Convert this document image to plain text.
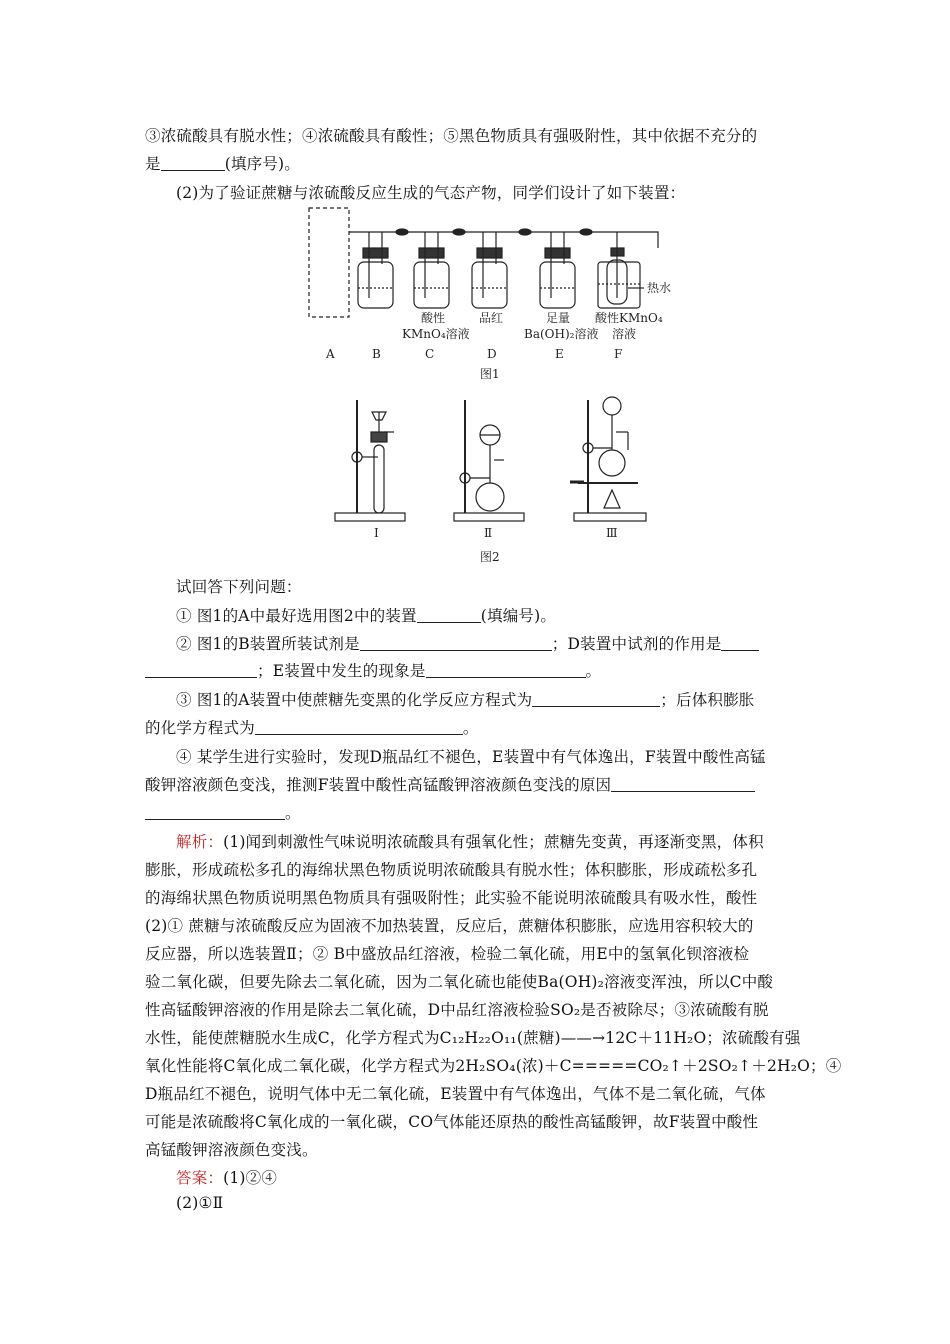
③浓硫酸具有脱水性；④浓硫酸具有酸性；⑤黑色物质具有强吸附性，其中依据不充分的
是	(填序号)。
(2)为了验证蔗糖与浓硫酸反应生成的气态产物，同学们设计了如下装置：
热水
酸性
KMnO₄溶液
品红	足量
Ba(OH)₂溶液
酸性KMnO₄
溶液
A	B	C	D	E	F
图1
Ⅰ	Ⅱ	Ⅲ
图2
试回答下列问题：
① 图1的A中最好选用图2中的装置	(填编号)。
② 图1的B装置所装试剂是	；D装置中试剂的作用是
；E装置中发生的现象是	。
③ 图1的A装置中使蔗糖先变黑的化学反应方程式为	；后体积膨胀
的化学方程式为	。
④ 某学生进行实验时，发现D瓶品红不褪色，E装置中有气体逸出，F装置中酸性高锰
酸钾溶液颜色变浅，推测F装置中酸性高锰酸钾溶液颜色变浅的原因
。
解析：(1)闻到刺激性气味说明浓硫酸具有强氧化性；蔗糖先变黄，再逐渐变黑，体积
膨胀，形成疏松多孔的海绵状黑色物质说明浓硫酸具有脱水性；体积膨胀，形成疏松多孔
的海绵状黑色物质说明黑色物质具有强吸附性；此实验不能说明浓硫酸具有吸水性，酸性
(2)① 蔗糖与浓硫酸反应为固液不加热装置，反应后，蔗糖体积膨胀，应选用容积较大的
反应器，所以选装置Ⅱ；② B中盛放品红溶液，检验二氧化硫，用E中的氢氧化钡溶液检
验二氧化碳，但要先除去二氧化硫，因为二氧化硫也能使Ba(OH)₂溶液变浑浊，所以C中酸
性高锰酸钾溶液的作用是除去二氧化硫，D中品红溶液检验SO₂是否被除尽；③浓硫酸有脱
水性，能使蔗糖脱水生成C，化学方程式为C₁₂H₂₂O₁₁(蔗糖)——→12C＋11H₂O；浓硫酸有强
氧化性能将C氧化成二氧化碳，化学方程式为2H₂SO₄(浓)＋C=====CO₂↑＋2SO₂↑＋2H₂O；④
D瓶品红不褪色，说明气体中无二氧化硫，E装置中有气体逸出，气体不是二氧化硫，气体
可能是浓硫酸将C氧化成的一氧化碳，CO气体能还原热的酸性高锰酸钾，故F装置中酸性
高锰酸钾溶液颜色变浅。
答案：(1)②④
(2)①Ⅱ
